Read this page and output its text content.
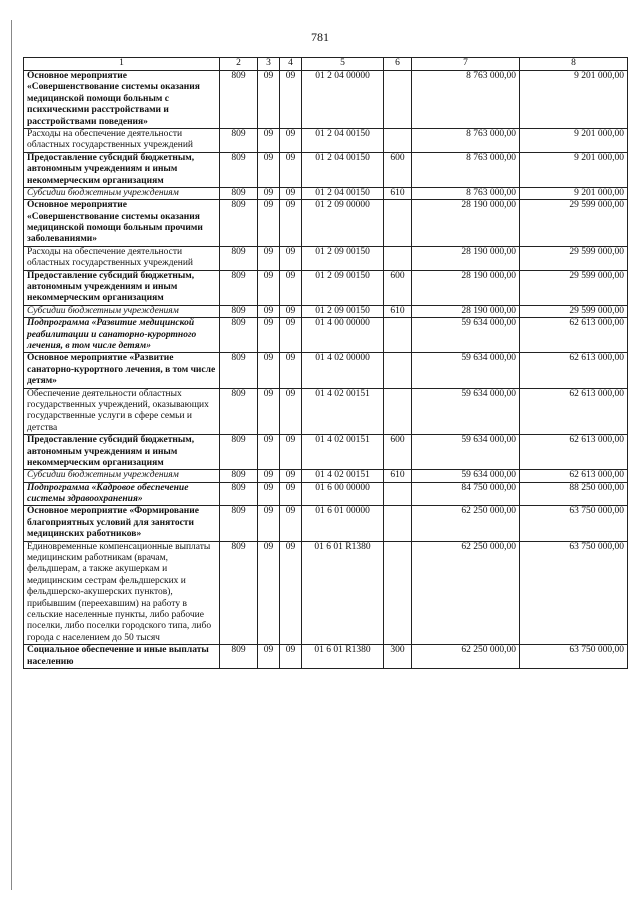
781
1	2	3	4	5	6	7	8
Основное мероприятие «Совершенствование системы оказания медицинской помощи больным с психическими расстройствами и расстройствами поведения»	809	09	09	01 2 04 00000		8 763 000,00	9 201 000,00
Расходы на обеспечение деятельности областных государственных учреждений	809	09	09	01 2 04 00150		8 763 000,00	9 201 000,00
Предоставление субсидий бюджетным, автономным учреждениям и иным некоммерческим организациям	809	09	09	01 2 04 00150	600	8 763 000,00	9 201 000,00
Субсидии бюджетным учреждениям	809	09	09	01 2 04 00150	610	8 763 000,00	9 201 000,00
Основное мероприятие «Совершенствование системы оказания медицинской помощи больным прочими заболеваниями»	809	09	09	01 2 09 00000		28 190 000,00	29 599 000,00
Расходы на обеспечение деятельности областных государственных учреждений	809	09	09	01 2 09 00150		28 190 000,00	29 599 000,00
Предоставление субсидий бюджетным, автономным учреждениям и иным некоммерческим организациям	809	09	09	01 2 09 00150	600	28 190 000,00	29 599 000,00
Субсидии бюджетным учреждениям	809	09	09	01 2 09 00150	610	28 190 000,00	29 599 000,00
Подпрограмма «Развитие медицинской реабилитации и санаторно-курортного лечения, в том числе детям»	809	09	09	01 4 00 00000		59 634 000,00	62 613 000,00
Основное мероприятие «Развитие санаторно-курортного лечения, в том числе детям»	809	09	09	01 4 02 00000		59 634 000,00	62 613 000,00
Обеспечение деятельности областных государственных учреждений, оказывающих государственные услуги в сфере семьи и детства	809	09	09	01 4 02 00151		59 634 000,00	62 613 000,00
Предоставление субсидий бюджетным, автономным учреждениям и иным некоммерческим организациям	809	09	09	01 4 02 00151	600	59 634 000,00	62 613 000,00
Субсидии бюджетным учреждениям	809	09	09	01 4 02 00151	610	59 634 000,00	62 613 000,00
Подпрограмма «Кадровое обеспечение системы здравоохранения»	809	09	09	01 6 00 00000		84 750 000,00	88 250 000,00
Основное мероприятие «Формирование благоприятных условий для занятости медицинских работников»	809	09	09	01 6 01 00000		62 250 000,00	63 750 000,00
Единовременные компенсационные выплаты медицинским работникам (врачам, фельдшерам, а также акушеркам и медицинским сестрам фельдшерских и фельдшерско-акушерских пунктов), прибывшим (переехавшим) на работу в сельские населенные пункты, либо рабочие поселки, либо поселки городского типа, либо города с населением до 50 тысяч	809	09	09	01 6 01 R1380		62 250 000,00	63 750 000,00
Социальное обеспечение и иные выплаты населению	809	09	09	01 6 01 R1380	300	62 250 000,00	63 750 000,00
